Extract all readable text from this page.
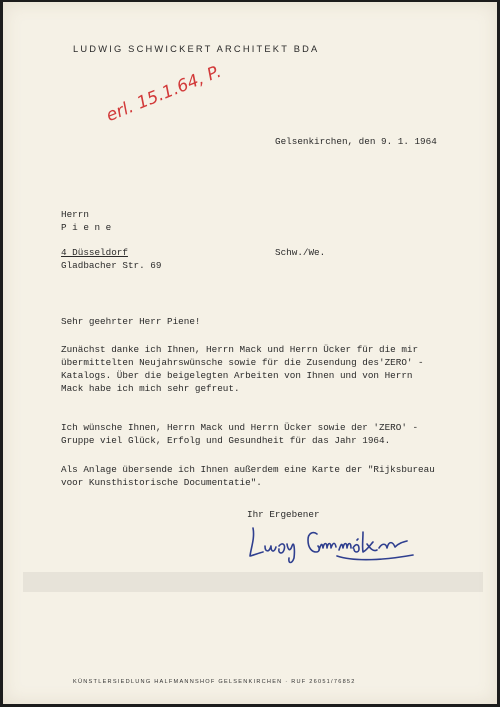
LUDWIG SCHWICKERT ARCHITEKT BDA
erl. 15.1.64, P.
Gelsenkirchen, den 9. 1. 1964
Herrn
P i e n e
4 Düsseldorf
Gladbacher Str. 69
Schw./We.
Sehr geehrter Herr Piene!
Zunächst danke ich Ihnen, Herrn Mack und Herrn Ücker für die mir
übermittelten Neujahrswünsche sowie für die Zusendung des'ZERO' -
Katalogs. Über die beigelegten Arbeiten von Ihnen und von Herrn
Mack habe ich mich sehr gefreut.
Ich wünsche Ihnen, Herrn Mack und Herrn Ücker sowie der 'ZERO' -
Gruppe viel Glück, Erfolg und Gesundheit für das Jahr 1964.
Als Anlage übersende ich Ihnen außerdem eine Karte der "Rijksbureau
voor Kunsthistorische Documentatie".
Ihr Ergebener
KÜNSTLERSIEDLUNG HALFMANNSHOF GELSENKIRCHEN · RUF 26051/76852
